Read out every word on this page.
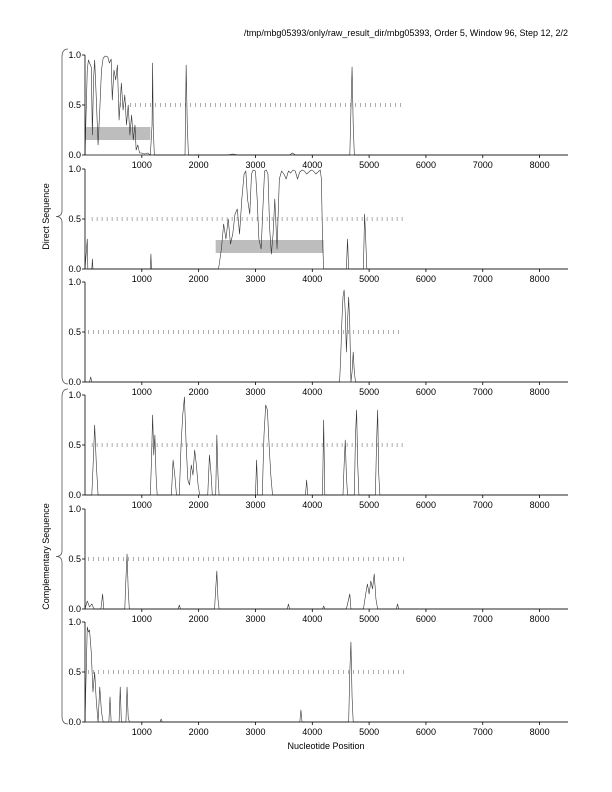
/tmp/mbg05393/only/raw_result_dir/mbg05393, Order 5, Window 96, Step 12, 2/2
0.0
0.5
1.0
1000	2000	3000	4000	5000	6000	7000	8000
0.0
0.5
1.0
1000	2000	3000	4000	5000	6000	7000	8000
0.0
0.5
1.0
1000	2000	3000	4000	5000	6000	7000	8000
0.0
0.5
1.0
1000	2000	3000	4000	5000	6000	7000	8000
0.0
0.5
1.0
1000	2000	3000	4000	5000	6000	7000	8000
0.0
0.5
1.0
1000	2000	3000	4000	5000	6000	7000	8000
Direct Sequence
Complementary Sequence
Nucleotide Position
